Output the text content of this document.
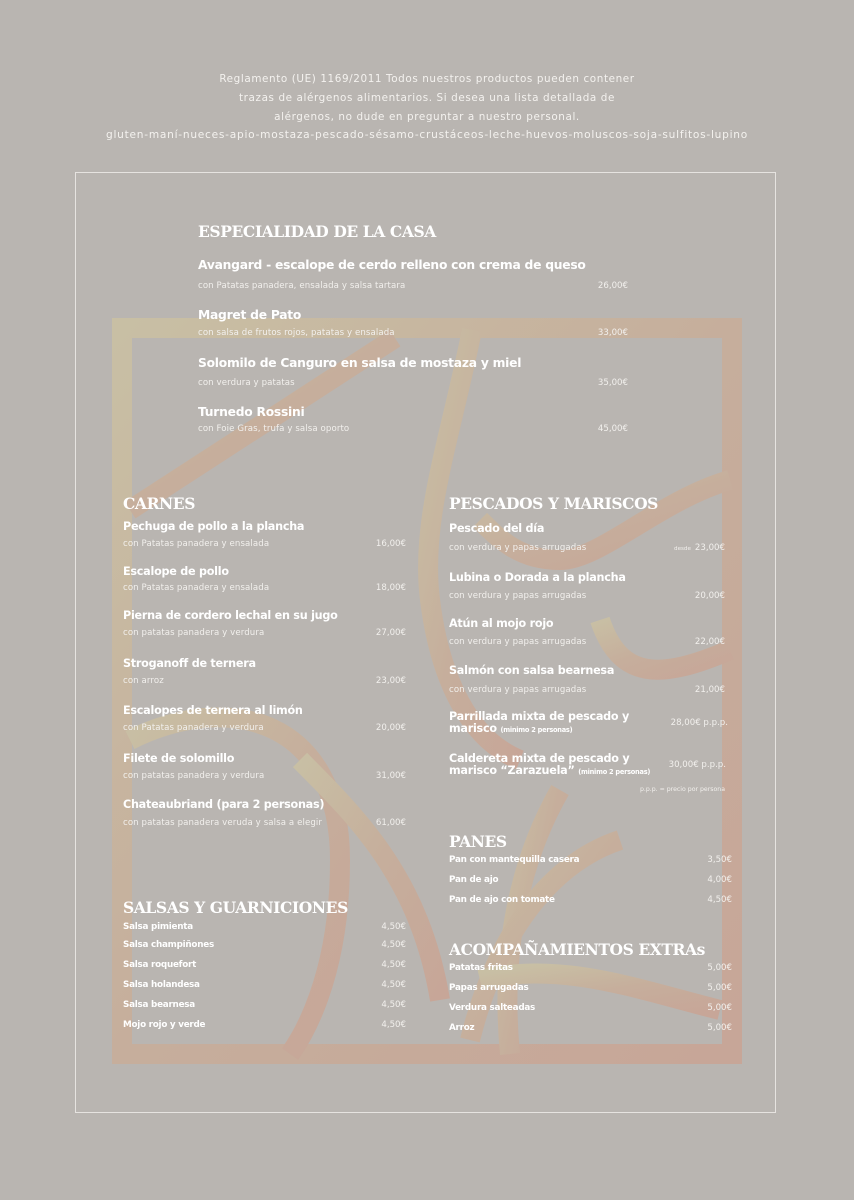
Reglamento (UE) 1169/2011 Todos nuestros productos pueden contener
trazas de alérgenos alimentarios. Si desea una lista detallada de
alérgenos, no dude en preguntar a nuestro personal.
gluten-maní-nueces-apio-mostaza-pescado-sésamo-crustáceos-leche-huevos-moluscos-soja-sulfitos-lupino
ESPECIALIDAD DE LA CASA
Avangard - escalope de cerdo relleno con crema de queso
con Patatas panadera, ensalada y salsa tartara	26,00€
Magret de Pato
con salsa de frutos rojos, patatas y ensalada	33,00€
Solomilo de Canguro en salsa de mostaza y miel
con verdura y patatas	35,00€
Turnedo Rossini
con Foie Gras, trufa y salsa oporto	45,00€
CARNES
Pechuga de pollo a la plancha
con Patatas panadera y ensalada	16,00€
Escalope de pollo
con Patatas panadera y ensalada	18,00€
Pierna de cordero lechal en su jugo
con patatas panadera y verdura	27,00€
Stroganoff de ternera
con arroz	23,00€
Escalopes de ternera al limón
con Patatas panadera y verdura	20,00€
Filete de solomillo
con patatas panadera y verdura	31,00€
Chateaubriand (para 2 personas)
con patatas panadera veruda y salsa a elegir	61,00€
SALSAS Y GUARNICIONES
Salsa pimienta	4,50€
Salsa champiñones	4,50€
Salsa roquefort	4,50€
Salsa holandesa	4,50€
Salsa bearnesa	4,50€
Mojo rojo y verde	4,50€
PESCADOS Y MARISCOS
Pescado del día
con verdura y papas arrugadas	desde 23,00€
Lubina o Dorada a la plancha
con verdura y papas arrugadas	20,00€
Atún al mojo rojo
con verdura y papas arrugadas	22,00€
Salmón con salsa bearnesa
con verdura y papas arrugadas	21,00€
Parrillada mixta de pescado y
marisco (minimo 2 personas)
28,00€ p.p.p.
Caldereta mixta de pescado y
marisco “Zarazuela” (minimo 2 personas)
30,00€ p.p.p.
p.p.p. = precio por persona
PANES
Pan con mantequilla casera	3,50€
Pan de ajo	4,00€
Pan de ajo con tomate	4,50€
ACOMPAÑAMIENTOS EXTRAs
Patatas fritas	5,00€
Papas arrugadas	5,00€
Verdura salteadas	5,00€
Arroz	5,00€
